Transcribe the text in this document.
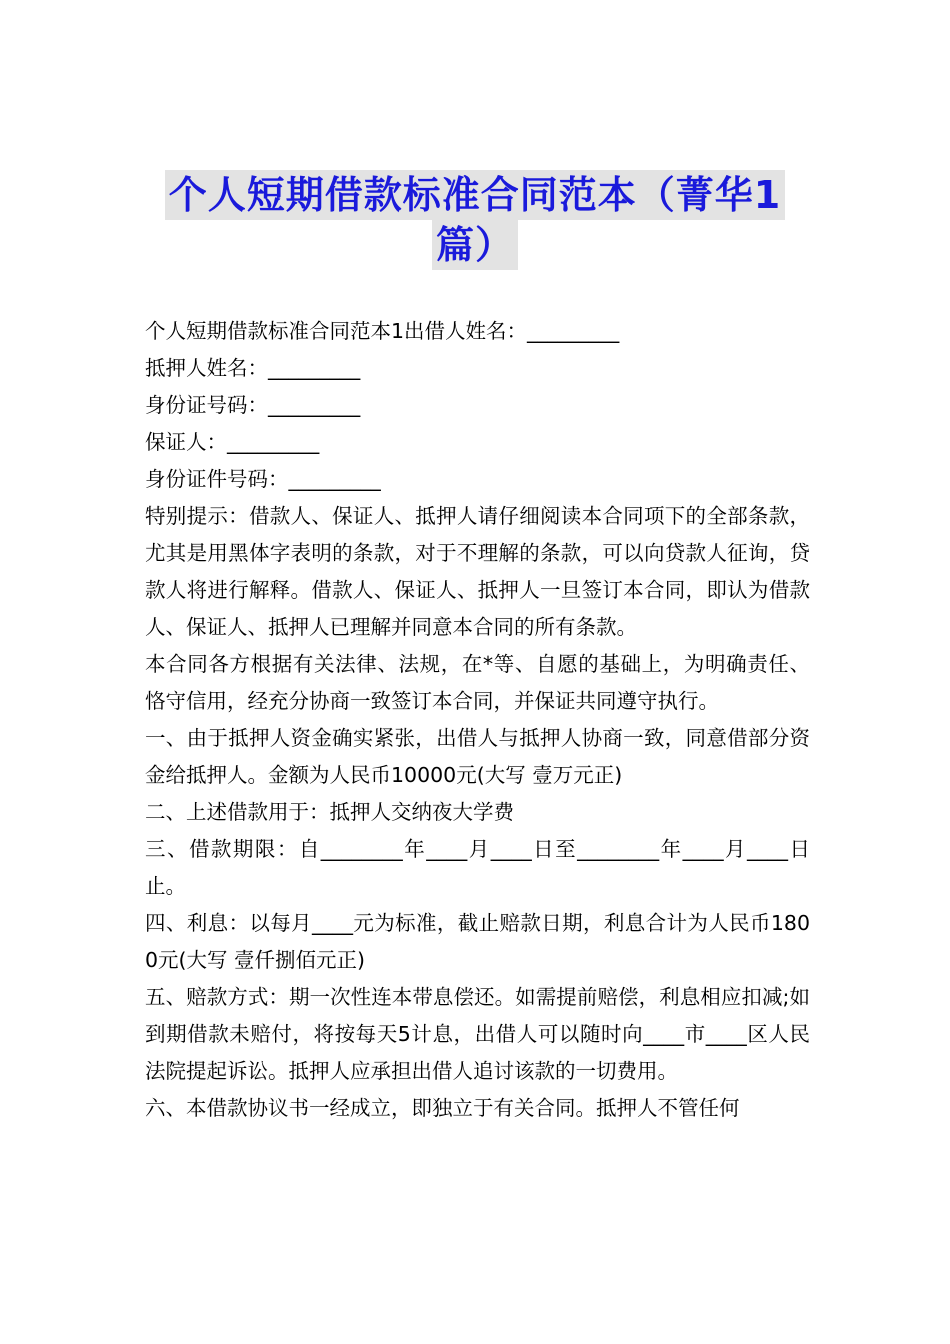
个人短期借款标准合同范本（菁华1
篇）

个人短期借款标准合同范本1出借人姓名：_________

抵押人姓名：_________

身份证号码：_________

保证人：_________

身份证件号码：_________

特别提示：借款人、保证人、抵押人请仔细阅读本合同项下的全部条款，尤其是用黑体字表明的条款，对于不理解的条款，可以向贷款人征询，贷款人将进行解释。借款人、保证人、抵押人一旦签订本合同，即认为借款人、保证人、抵押人已理解并同意本合同的所有条款。

本合同各方根据有关法律、法规，在*等、自愿的基础上，为明确责任、恪守信用，经充分协商一致签订本合同，并保证共同遵守执行。

一、由于抵押人资金确实紧张，出借人与抵押人协商一致，同意借部分资金给抵押人。金额为人民币10000元(大写 壹万元正)

二、上述借款用于：抵押人交纳夜大学费

三、借款期限：自________年____月____日至________年____月____日止。

四、利息：以每月____元为标准，截止赔款日期，利息合计为人民币1800元(大写 壹仟捌佰元正)

五、赔款方式：期一次性连本带息偿还。如需提前赔偿，利息相应扣减;如到期借款未赔付，将按每天5计息，出借人可以随时向____市____区人民法院提起诉讼。抵押人应承担出借人追讨该款的一切费用。

六、本借款协议书一经成立，即独立于有关合同。抵押人不管任何
